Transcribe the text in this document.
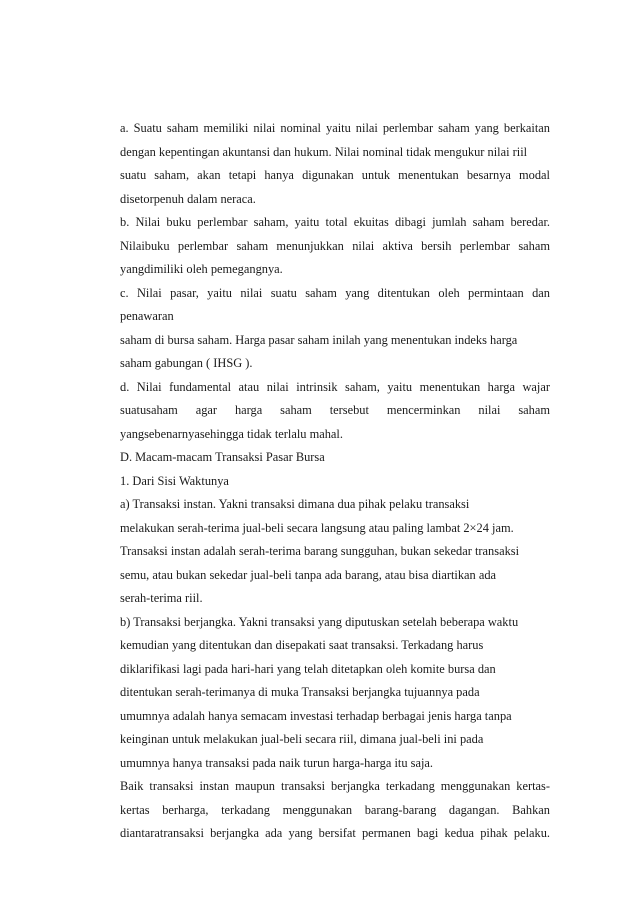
a. Suatu saham memiliki nilai nominal yaitu nilai perlembar saham yang berkaitan
dengan kepentingan akuntansi dan hukum. Nilai nominal tidak mengukur nilai riil
suatu saham, akan tetapi hanya digunakan untuk menentukan besarnya modal
disetorpenuh dalam neraca.
b. Nilai buku perlembar saham, yaitu total ekuitas dibagi jumlah saham beredar.
Nilaibuku perlembar saham menunjukkan nilai aktiva bersih perlembar saham
yangdimiliki oleh pemegangnya.
c. Nilai pasar, yaitu nilai suatu saham yang ditentukan oleh permintaan dan
penawaran
saham di bursa saham. Harga pasar saham inilah yang menentukan indeks harga
saham gabungan ( IHSG ).
d. Nilai fundamental atau nilai intrinsik saham, yaitu menentukan harga wajar
suatusaham agar harga saham tersebut mencerminkan nilai saham
yangsebenarnyasehingga tidak terlalu mahal.
D. Macam-macam Transaksi Pasar Bursa
1. Dari Sisi Waktunya
a) Transaksi instan. Yakni transaksi dimana dua pihak pelaku transaksi
melakukan serah-terima jual-beli secara langsung atau paling lambat 2×24 jam.
Transaksi instan adalah serah-terima barang sungguhan, bukan sekedar transaksi
semu, atau bukan sekedar jual-beli tanpa ada barang, atau bisa diartikan ada
serah-terima riil.
b) Transaksi berjangka. Yakni transaksi yang diputuskan setelah beberapa waktu
kemudian yang ditentukan dan disepakati saat transaksi. Terkadang harus
diklarifikasi lagi pada hari-hari yang telah ditetapkan oleh komite bursa dan
ditentukan serah-terimanya di muka Transaksi berjangka tujuannya pada
umumnya adalah hanya semacam investasi terhadap berbagai jenis harga tanpa
keinginan untuk melakukan jual-beli secara riil, dimana jual-beli ini pada
umumnya hanya transaksi pada naik turun harga-harga itu saja.
Baik transaksi instan maupun transaksi berjangka terkadang menggunakan kertas-
kertas berharga, terkadang menggunakan barang-barang dagangan. Bahkan
diantaratransaksi berjangka ada yang bersifat permanen bagi kedua pihak pelaku.
